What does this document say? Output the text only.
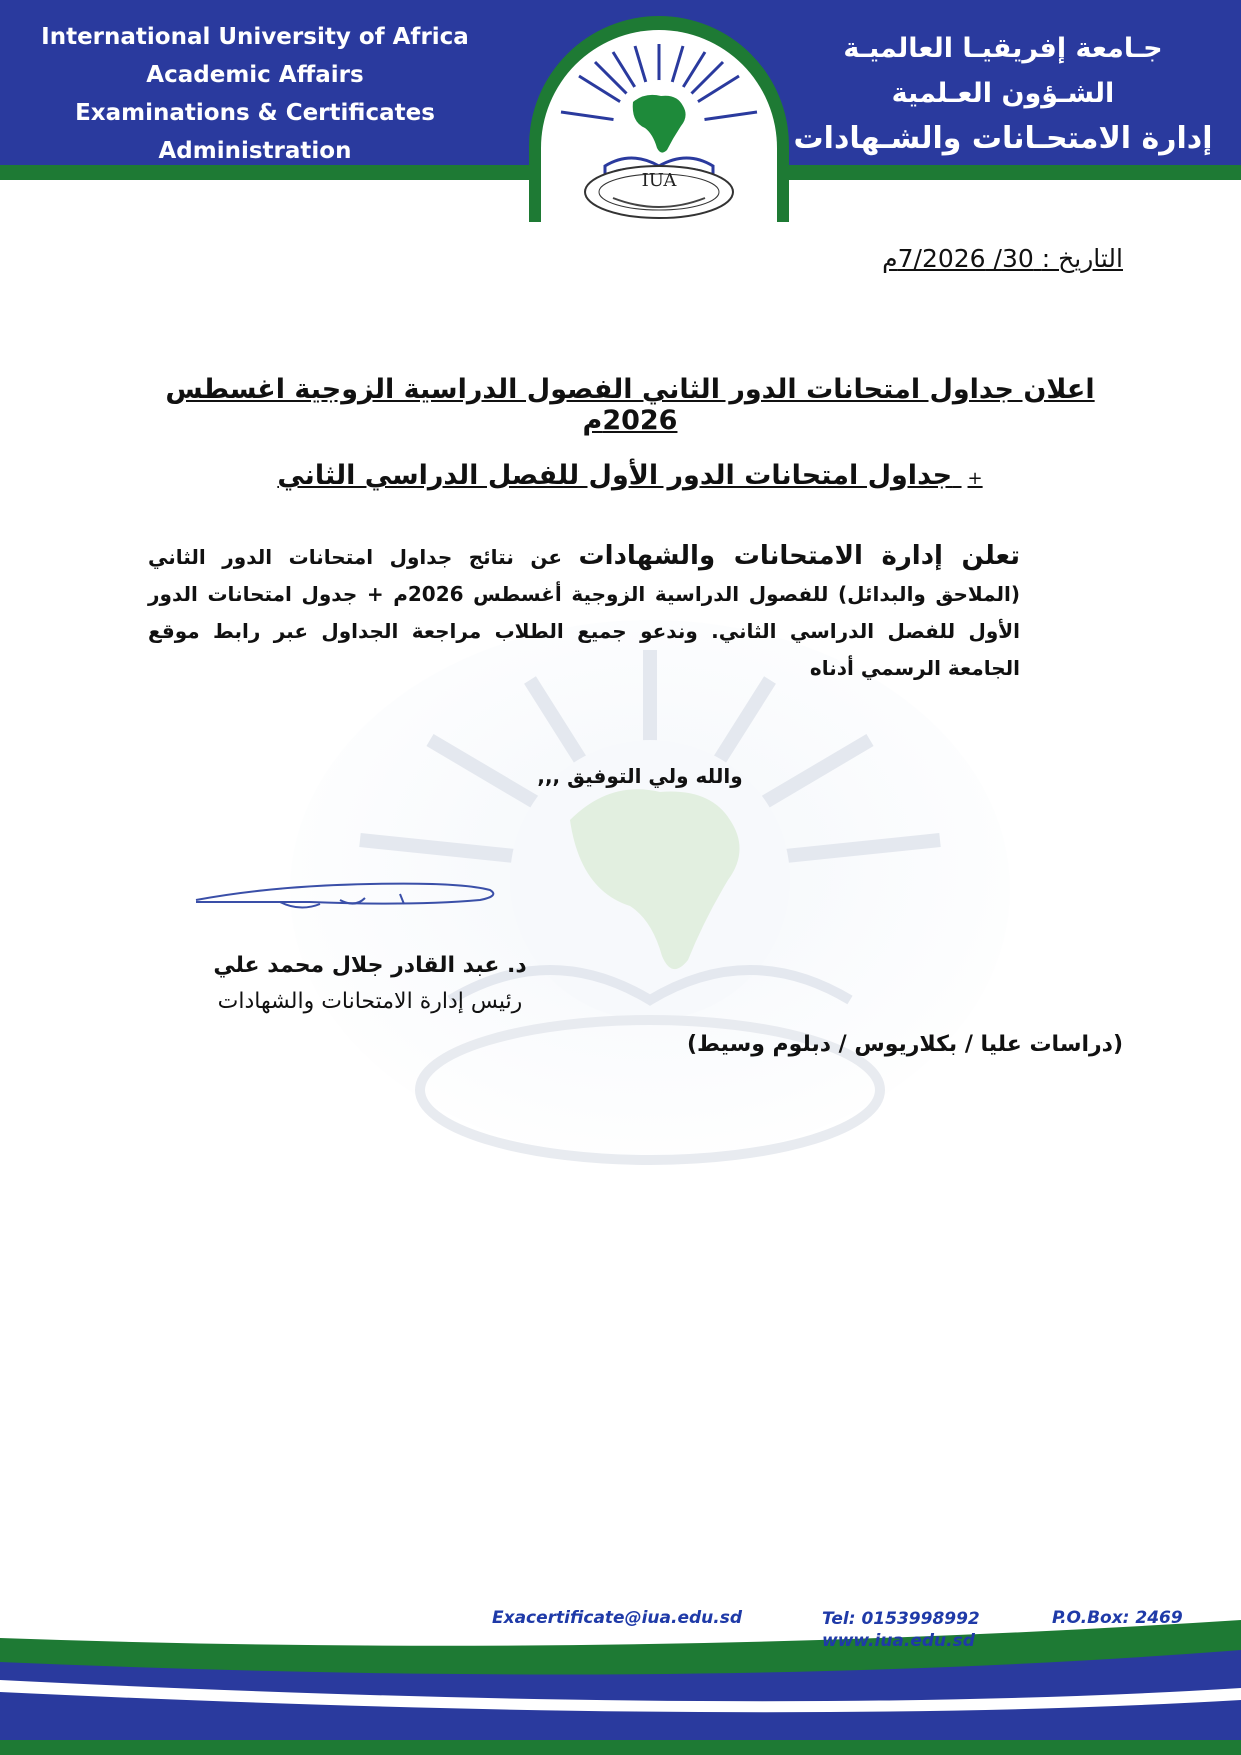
International University of Africa
Academic Affairs
Examinations & Certificates
Administration
جـامعة إفريقيـا العالميـة
الشـؤون العـلمية
إدارة الامتحـانات والشـهادات
IUA
التاريخ : 30/ 7/2026م
اعلان جداول امتحانات الدور الثاني الفصول الدراسية الزوجية اغسطس 2026م
+ جداول امتحانات الدور الأول للفصل الدراسي الثاني
تعلن إدارة الامتحانات والشهادات عن نتائج جداول امتحانات الدور الثاني (الملاحق والبدائل) للفصول الدراسية الزوجية أغسطس 2026م + جدول امتحانات الدور الأول للفصل الدراسي الثاني. وندعو جميع الطلاب مراجعة الجداول عبر رابط موقع الجامعة الرسمي أدناه
والله ولي التوفيق ,,,
د. عبد القادر جلال محمد علي
رئيس إدارة الامتحانات والشهادات
(دراسات عليا / بكلاريوس / دبلوم وسيط)
Exacertificate@iua.edu.sd	Tel: 0153998992
www.iua.edu.sd
P.O.Box: 2469
